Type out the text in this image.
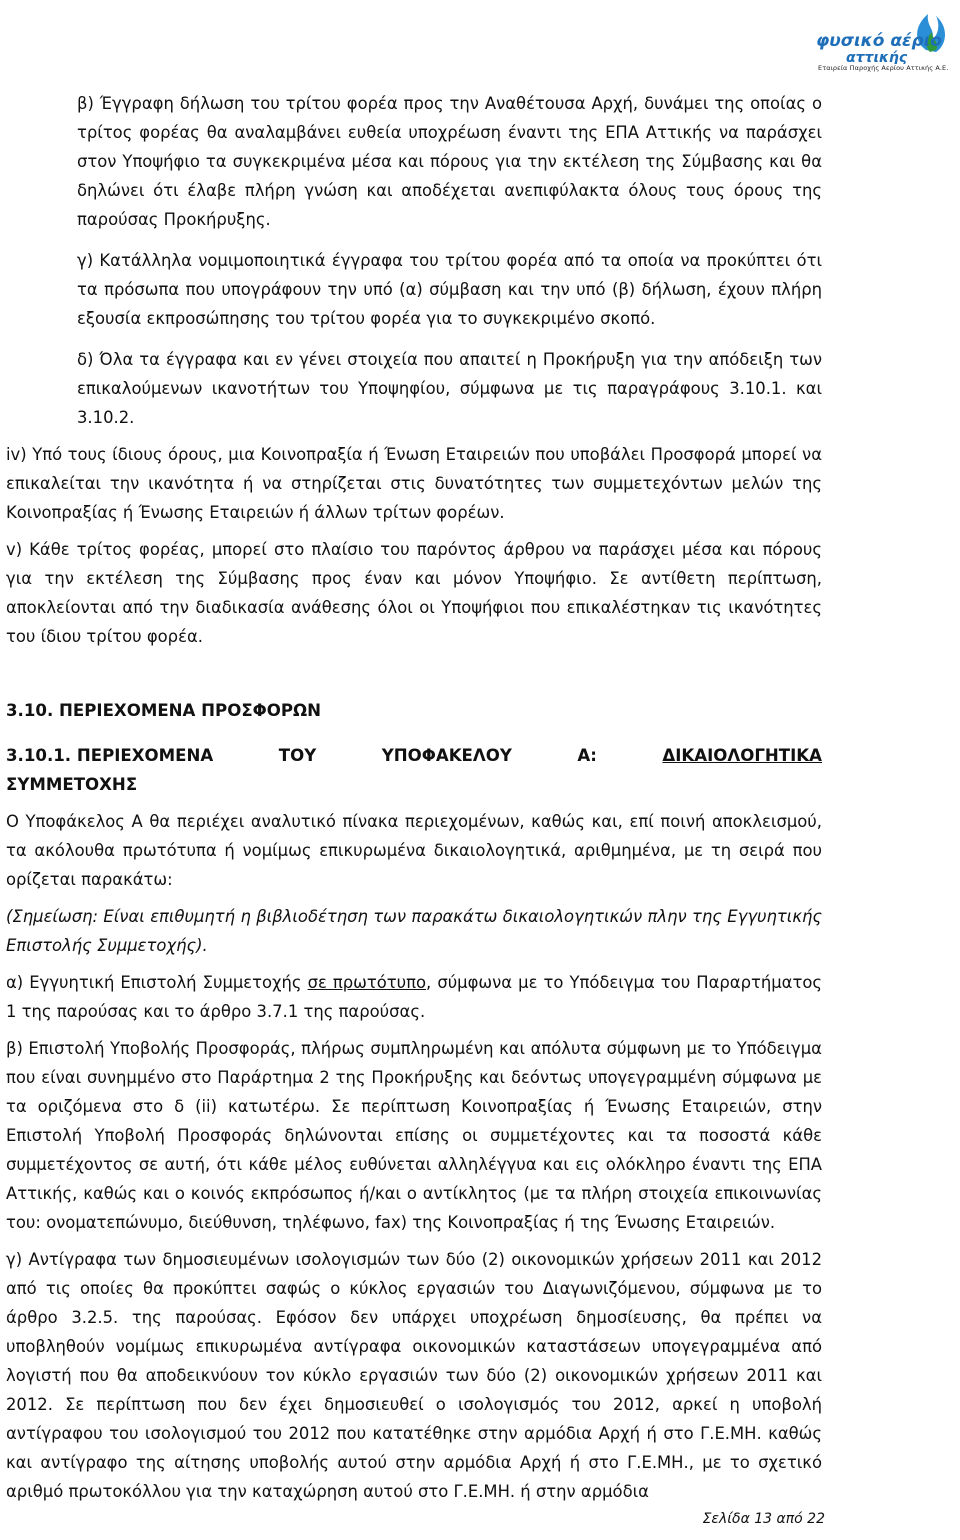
φυσικό αέριο
αττικής
Εταιρεία Παροχής Αερίου Αττικής Α.Ε.

β) Έγγραφη δήλωση του τρίτου φορέα προς την Αναθέτουσα Αρχή, δυνάμει της οποίας ο τρίτος φορέας θα αναλαμβάνει ευθεία υποχρέωση έναντι της ΕΠΑ Αττικής να παράσχει στον Υποψήφιο τα συγκεκριμένα μέσα και πόρους για την εκτέλεση της Σύμβασης και θα δηλώνει ότι έλαβε πλήρη γνώση και αποδέχεται ανεπιφύλακτα όλους τους όρους της παρούσας Προκήρυξης.

γ) Κατάλληλα νομιμοποιητικά έγγραφα του τρίτου φορέα από τα οποία να προκύπτει ότι τα πρόσωπα που υπογράφουν την υπό (α) σύμβαση και την υπό (β) δήλωση, έχουν πλήρη εξουσία εκπροσώπησης του τρίτου φορέα για το συγκεκριμένο σκοπό.

δ) Όλα τα έγγραφα και εν γένει στοιχεία που απαιτεί η Προκήρυξη για την απόδειξη των επικαλούμενων ικανοτήτων του Υποψηφίου, σύμφωνα με τις παραγράφους 3.10.1. και 3.10.2.

iv) Υπό τους ίδιους όρους, μια Κοινοπραξία ή Ένωση Εταιρειών που υποβάλει Προσφορά μπορεί να επικαλείται την ικανότητα ή να στηρίζεται στις δυνατότητες των συμμετεχόντων μελών της Κοινοπραξίας ή Ένωσης Εταιρειών ή άλλων τρίτων φορέων.

v) Κάθε τρίτος φορέας, μπορεί στο πλαίσιο του παρόντος άρθρου να παράσχει μέσα και πόρους για την εκτέλεση της Σύμβασης προς έναν και μόνον Υποψήφιο. Σε αντίθετη περίπτωση, αποκλείονται από την διαδικασία ανάθεσης όλοι οι Υποψήφιοι που επικαλέστηκαν τις ικανότητες του ίδιου τρίτου φορέα.

3.10. ΠΕΡΙΕΧΟΜΕΝΑ ΠΡΟΣΦΟΡΩΝ
3.10.1. ΠΕΡΙΕΧΟΜΕΝΑ	ΤΟΥ	ΥΠΟΦΑΚΕΛΟΥ	Α:	ΔΙΚΑΙΟΛΟΓΗΤΙΚΑ
ΣΥΜΜΕΤΟΧΗΣ

Ο Υποφάκελος Α θα περιέχει αναλυτικό πίνακα περιεχομένων, καθώς και, επί ποινή αποκλεισμού, τα ακόλουθα πρωτότυπα ή νομίμως επικυρωμένα δικαιολογητικά, αριθμημένα, με τη σειρά που ορίζεται παρακάτω:

(Σημείωση: Είναι επιθυμητή η βιβλιοδέτηση των παρακάτω δικαιολογητικών πλην της Εγγυητικής Επιστολής Συμμετοχής).

α) Εγγυητική Επιστολή Συμμετοχής σε πρωτότυπο, σύμφωνα με το Υπόδειγμα του Παραρτήματος 1 της παρούσας και το άρθρο 3.7.1 της παρούσας.

β) Επιστολή Υποβολής Προσφοράς, πλήρως συμπληρωμένη και απόλυτα σύμφωνη με το Υπόδειγμα που είναι συνημμένο στο Παράρτημα 2 της Προκήρυξης και δεόντως υπογεγραμμένη σύμφωνα με τα οριζόμενα στο δ (ii) κατωτέρω. Σε περίπτωση Κοινοπραξίας ή Ένωσης Εταιρειών, στην Επιστολή Υποβολή Προσφοράς δηλώνονται επίσης οι συμμετέχοντες και τα ποσοστά κάθε συμμετέχοντος σε αυτή, ότι κάθε μέλος ευθύνεται αλληλέγγυα και εις ολόκληρο έναντι της ΕΠΑ Αττικής, καθώς και ο κοινός εκπρόσωπος ή/και ο αντίκλητος (με τα πλήρη στοιχεία επικοινωνίας του: ονοματεπώνυμο, διεύθυνση, τηλέφωνο, fax) της Κοινοπραξίας ή της Ένωσης Εταιρειών.

γ) Αντίγραφα των δημοσιευμένων ισολογισμών των δύο (2) οικονομικών χρήσεων 2011 και 2012 από τις οποίες θα προκύπτει σαφώς ο κύκλος εργασιών του Διαγωνιζόμενου, σύμφωνα με το άρθρο 3.2.5. της παρούσας. Εφόσον δεν υπάρχει υποχρέωση δημοσίευσης, θα πρέπει να υποβληθούν νομίμως επικυρωμένα αντίγραφα οικονομικών καταστάσεων υπογεγραμμένα από λογιστή που θα αποδεικνύουν τον κύκλο εργασιών των δύο (2) οικονομικών χρήσεων 2011 και 2012. Σε περίπτωση που δεν έχει δημοσιευθεί ο ισολογισμός του 2012, αρκεί η υποβολή αντίγραφου του ισολογισμού του 2012 που κατατέθηκε στην αρμόδια Αρχή ή στο Γ.Ε.ΜΗ. καθώς και αντίγραφο της αίτησης υποβολής αυτού στην αρμόδια Αρχή ή στο Γ.Ε.ΜΗ., με το σχετικό αριθμό πρωτοκόλλου για την καταχώρηση αυτού στο Γ.Ε.ΜΗ. ή στην αρμόδια

Σελίδα 13 από 22
